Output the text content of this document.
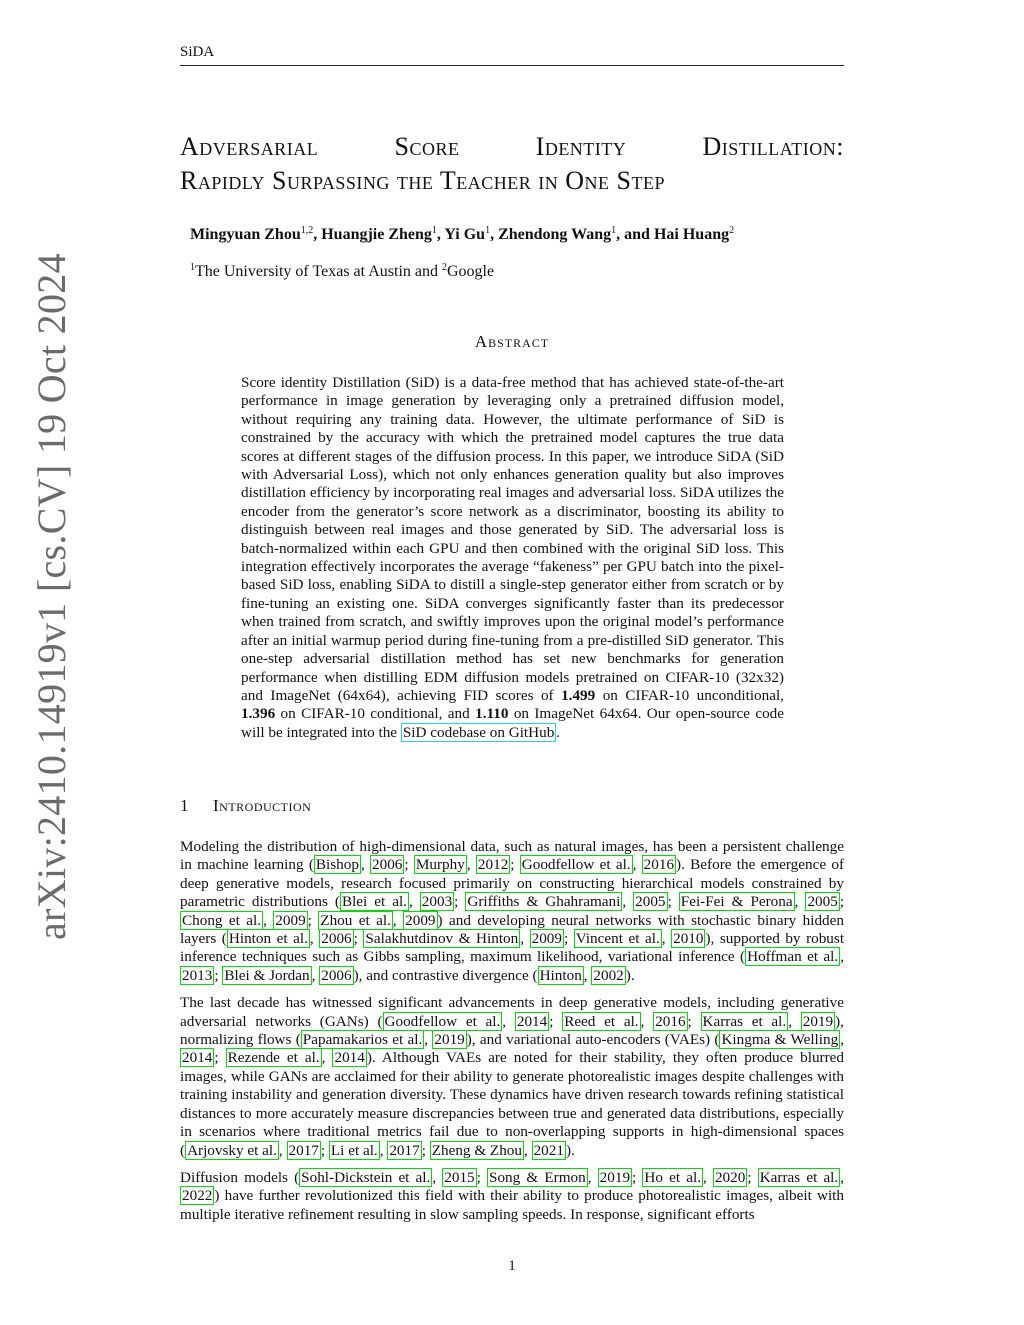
SiDA
Adversarial	Score	Identity	Distillation:
Rapidly Surpassing the Teacher in One Step
Mingyuan Zhou$^{1,2}$, Huangjie Zheng$^1$, Yi Gu$^1$, Zhendong Wang$^1$, and Hai Huang$^2$
$^1$The University of Texas at Austin and $^2$Google
Abstract
Score identity Distillation (SiD) is a data-free method that has achieved state-of-the-art performance in image generation by leveraging only a pretrained diffusion model, without requiring any training data. However, the ultimate performance of SiD is constrained by the accuracy with which the pretrained model captures the true data scores at different stages of the diffusion process. In this paper, we introduce SiDA (SiD with Adversarial Loss), which not only enhances generation quality but also improves distillation efficiency by incorporating real images and adversarial loss. SiDA utilizes the encoder from the generator’s score network as a discriminator, boosting its ability to distinguish between real images and those generated by SiD. The adversarial loss is batch-normalized within each GPU and then combined with the original SiD loss. This integration effectively incorporates the average “fakeness” per GPU batch into the pixel-based SiD loss, enabling SiDA to distill a single-step generator either from scratch or by fine-tuning an existing one. SiDA converges significantly faster than its predecessor when trained from scratch, and swiftly improves upon the original model’s performance after an initial warmup period during fine-tuning from a pre-distilled SiD generator. This one-step adversarial distillation method has set new benchmarks for generation performance when distilling EDM diffusion models pretrained on CIFAR-10 (32x32) and ImageNet (64x64), achieving FID scores of 1.499 on CIFAR-10 unconditional, 1.396 on CIFAR-10 conditional, and 1.110 on ImageNet 64x64. Our open-source code will be integrated into the SiD codebase on GitHub .
1 Introduction

Modeling the distribution of high-dimensional data, such as natural images, has been a persistent challenge in machine learning ( Bishop , 2006 ; Murphy , 2012 ; Goodfellow et al. , 2016 ). Before the emergence of deep generative models, research focused primarily on constructing hierarchical models constrained by parametric distributions ( Blei et al. , 2003 ; Griffiths & Ghahramani , 2005 ; Fei-Fei & Perona , 2005 ; Chong et al. , 2009 ; Zhou et al. , 2009 ) and developing neural networks with stochastic binary hidden layers ( Hinton et al. , 2006 ; Salakhutdinov & Hinton , 2009 ; Vincent et al. , 2010 ), supported by robust inference techniques such as Gibbs sampling, maximum likelihood, variational inference ( Hoffman et al. , 2013 ; Blei & Jordan , 2006 ), and contrastive divergence ( Hinton , 2002 ).

The last decade has witnessed significant advancements in deep generative models, including generative adversarial networks (GANs) ( Goodfellow et al. , 2014 ; Reed et al. , 2016 ; Karras et al. , 2019 ), normalizing flows ( Papamakarios et al. , 2019 ), and variational auto-encoders (VAEs) ( Kingma & Welling , 2014 ; Rezende et al. , 2014 ). Although VAEs are noted for their stability, they often produce blurred images, while GANs are acclaimed for their ability to generate photorealistic images despite challenges with training instability and generation diversity. These dynamics have driven research towards refining statistical distances to more accurately measure discrepancies between true and generated data distributions, especially in scenarios where traditional metrics fail due to non-overlapping supports in high-dimensional spaces ( Arjovsky et al. , 2017 ; Li et al. , 2017 ; Zheng & Zhou , 2021 ).

Diffusion models ( Sohl-Dickstein et al. , 2015 ; Song & Ermon , 2019 ; Ho et al. , 2020 ; Karras et al. , 2022 ) have further revolutionized this field with their ability to produce photorealistic images, albeit with multiple iterative refinement resulting in slow sampling speeds. In response, significant efforts

arXiv:2410.14919v1 [cs.CV] 19 Oct 2024
1
